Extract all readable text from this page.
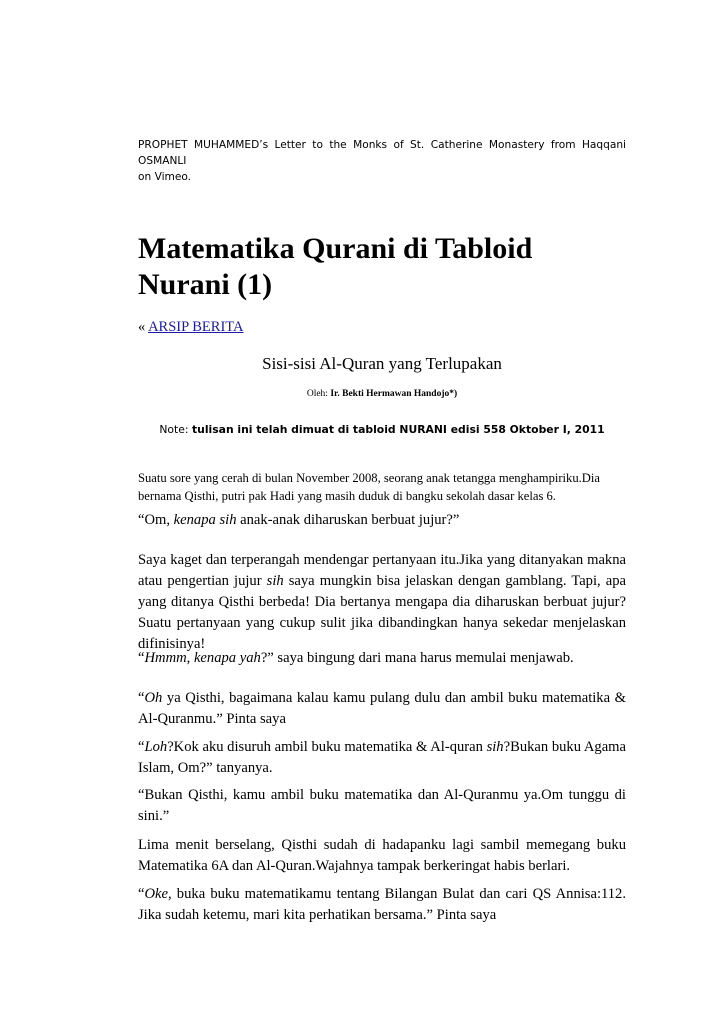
PROPHET MUHAMMED’s Letter to the Monks of St. Catherine Monastery from Haqqani OSMANLI
on Vimeo.
Matematika Qurani di Tabloid Nurani (1)
« ARSIP BERITA
Sisi-sisi Al-Quran yang Terlupakan
Oleh: Ir. Bekti Hermawan Handojo*)
Note: tulisan ini telah dimuat di tabloid NURANI edisi 558 Oktober I, 2011

Suatu sore yang cerah di bulan November 2008, seorang anak tetangga menghampiriku.Dia bernama Qisthi, putri pak Hadi yang masih duduk di bangku sekolah dasar kelas 6.

“Om, kenapa sih anak-anak diharuskan berbuat jujur?”

Saya kaget dan terperangah mendengar pertanyaan itu.Jika yang ditanyakan makna atau pengertian jujur sih saya mungkin bisa jelaskan dengan gamblang. Tapi, apa yang ditanya Qisthi berbeda! Dia bertanya mengapa dia diharuskan berbuat jujur? Suatu pertanyaan yang cukup sulit jika dibandingkan hanya sekedar menjelaskan difinisinya!

“Hmmm, kenapa yah?” saya bingung dari mana harus memulai menjawab.

“Oh ya Qisthi, bagaimana kalau kamu pulang dulu dan ambil buku matematika & Al-Quranmu.” Pinta saya

“Loh?Kok aku disuruh ambil buku matematika & Al-quran sih?Bukan buku Agama Islam, Om?” tanyanya.

“Bukan Qisthi, kamu ambil buku matematika dan Al-Quranmu ya.Om tunggu di sini.”

Lima menit berselang, Qisthi sudah di hadapanku lagi sambil memegang buku Matematika 6A dan Al-Quran.Wajahnya tampak berkeringat habis berlari.

“Oke, buka buku matematikamu tentang Bilangan Bulat dan cari QS Annisa:112. Jika sudah ketemu, mari kita perhatikan bersama.” Pinta saya
